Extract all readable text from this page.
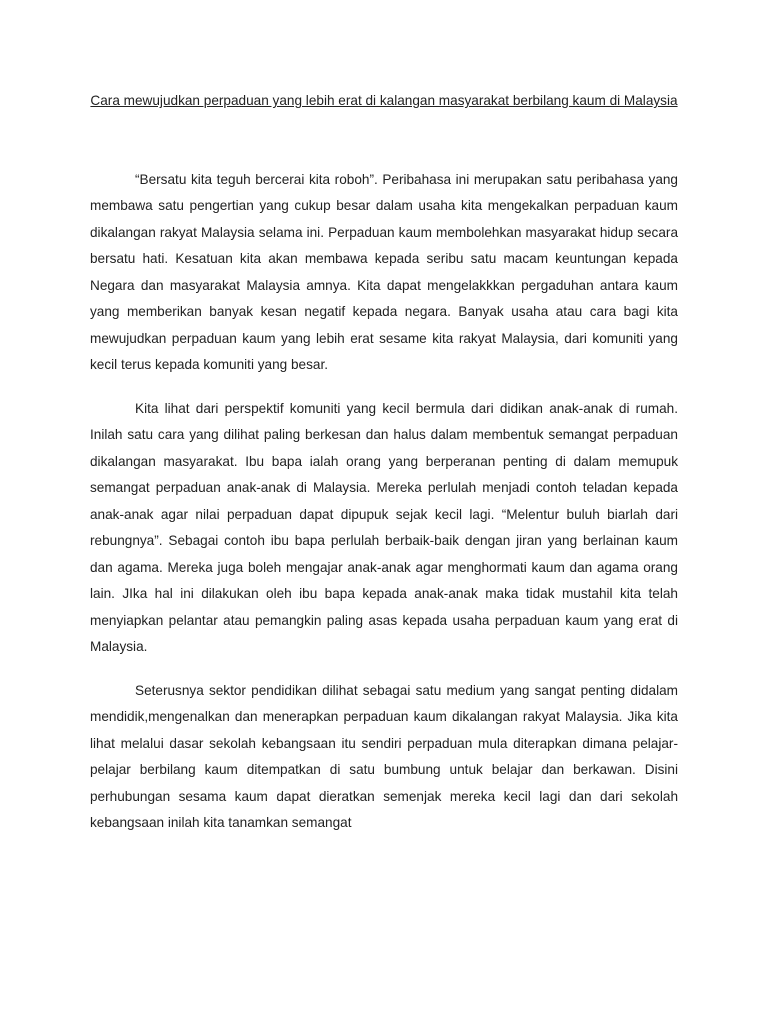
Cara mewujudkan perpaduan yang lebih erat di kalangan masyarakat berbilang kaum di Malaysia

“Bersatu kita teguh bercerai kita roboh”. Peribahasa ini merupakan satu peribahasa yang membawa satu pengertian yang cukup besar dalam usaha kita mengekalkan perpaduan kaum dikalangan rakyat Malaysia selama ini. Perpaduan kaum membolehkan masyarakat hidup secara bersatu hati. Kesatuan kita akan membawa kepada seribu satu macam keuntungan kepada Negara dan masyarakat Malaysia amnya. Kita dapat mengelakkkan pergaduhan antara kaum yang memberikan banyak kesan negatif kepada negara. Banyak usaha atau cara bagi kita mewujudkan perpaduan kaum yang lebih erat sesame kita rakyat Malaysia, dari komuniti yang kecil terus kepada komuniti yang besar.

Kita lihat dari perspektif komuniti yang kecil bermula dari didikan anak-anak di rumah. Inilah satu cara yang dilihat paling berkesan dan halus dalam membentuk semangat perpaduan dikalangan masyarakat. Ibu bapa ialah orang yang berperanan penting di dalam memupuk semangat perpaduan anak-anak di Malaysia. Mereka perlulah menjadi contoh teladan kepada anak-anak agar nilai perpaduan dapat dipupuk sejak kecil lagi. “Melentur buluh biarlah dari rebungnya”. Sebagai contoh ibu bapa perlulah berbaik-baik dengan jiran yang berlainan kaum dan agama. Mereka juga boleh mengajar anak-anak agar menghormati kaum dan agama orang lain. JIka hal ini dilakukan oleh ibu bapa kepada anak-anak maka tidak mustahil kita telah menyiapkan pelantar atau pemangkin paling asas kepada usaha perpaduan kaum yang erat di Malaysia.

Seterusnya sektor pendidikan dilihat sebagai satu medium yang sangat penting didalam mendidik,mengenalkan dan menerapkan perpaduan kaum dikalangan rakyat Malaysia. Jika kita lihat melalui dasar sekolah kebangsaan itu sendiri perpaduan mula diterapkan dimana pelajar-pelajar berbilang kaum ditempatkan di satu bumbung untuk belajar dan berkawan. Disini perhubungan sesama kaum dapat dieratkan semenjak mereka kecil lagi dan dari sekolah kebangsaan inilah kita tanamkan semangat
